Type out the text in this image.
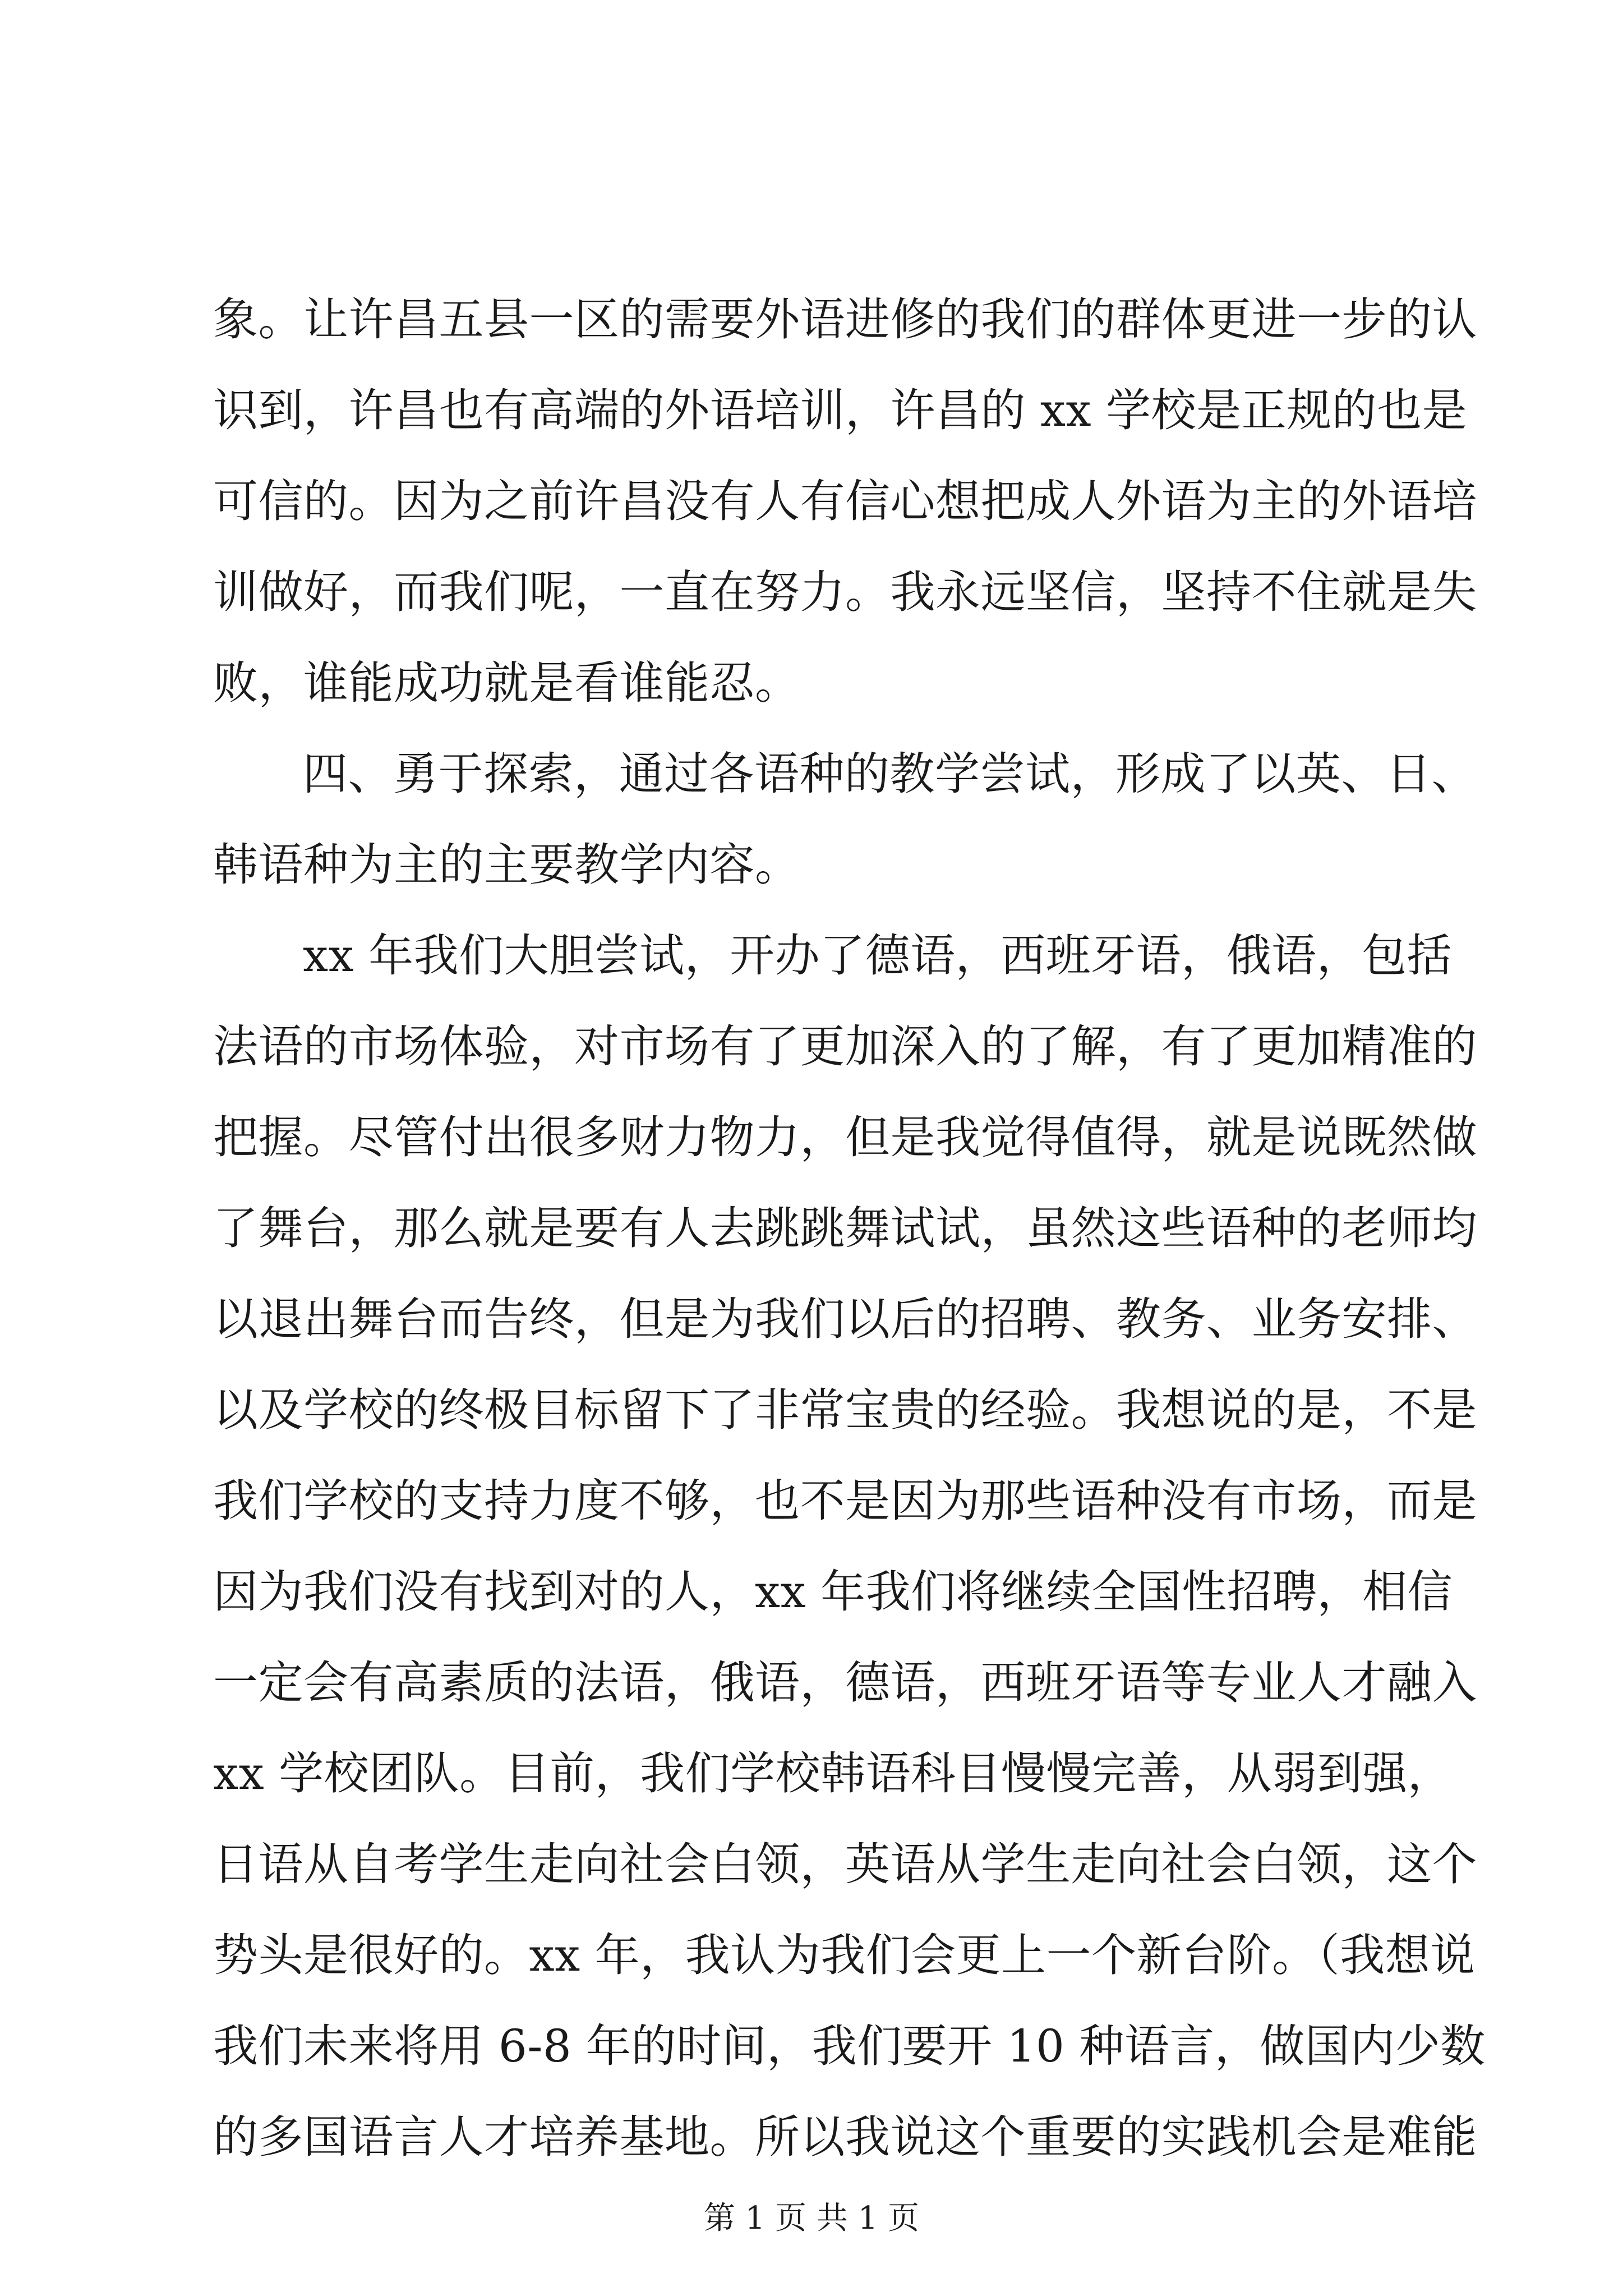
象。让许昌五县一区的需要外语进修的我们的群体更进一步的认
识到，许昌也有高端的外语培训，许昌的 xx 学校是正规的也是
可信的。因为之前许昌没有人有信心想把成人外语为主的外语培
训做好，而我们呢，一直在努力。我永远坚信，坚持不住就是失
败，谁能成功就是看谁能忍。
四、勇于探索，通过各语种的教学尝试，形成了以英、日、
韩语种为主的主要教学内容。
xx 年我们大胆尝试，开办了德语，西班牙语，俄语，包括
法语的市场体验，对市场有了更加深入的了解，有了更加精准的
把握。尽管付出很多财力物力，但是我觉得值得，就是说既然做
了舞台，那么就是要有人去跳跳舞试试，虽然这些语种的老师均
以退出舞台而告终，但是为我们以后的招聘、教务、业务安排、
以及学校的终极目标留下了非常宝贵的经验。我想说的是，不是
我们学校的支持力度不够，也不是因为那些语种没有市场，而是
因为我们没有找到对的人，xx 年我们将继续全国性招聘，相信
一定会有高素质的法语，俄语，德语，西班牙语等专业人才融入
xx 学校团队。目前，我们学校韩语科目慢慢完善，从弱到强，
日语从自考学生走向社会白领，英语从学生走向社会白领，这个
势头是很好的。xx 年，我认为我们会更上一个新台阶。（我想说
我们未来将用 6-8 年的时间，我们要开 10 种语言，做国内少数
的多国语言人才培养基地。所以我说这个重要的实践机会是难能
第 1 页 共 1 页
